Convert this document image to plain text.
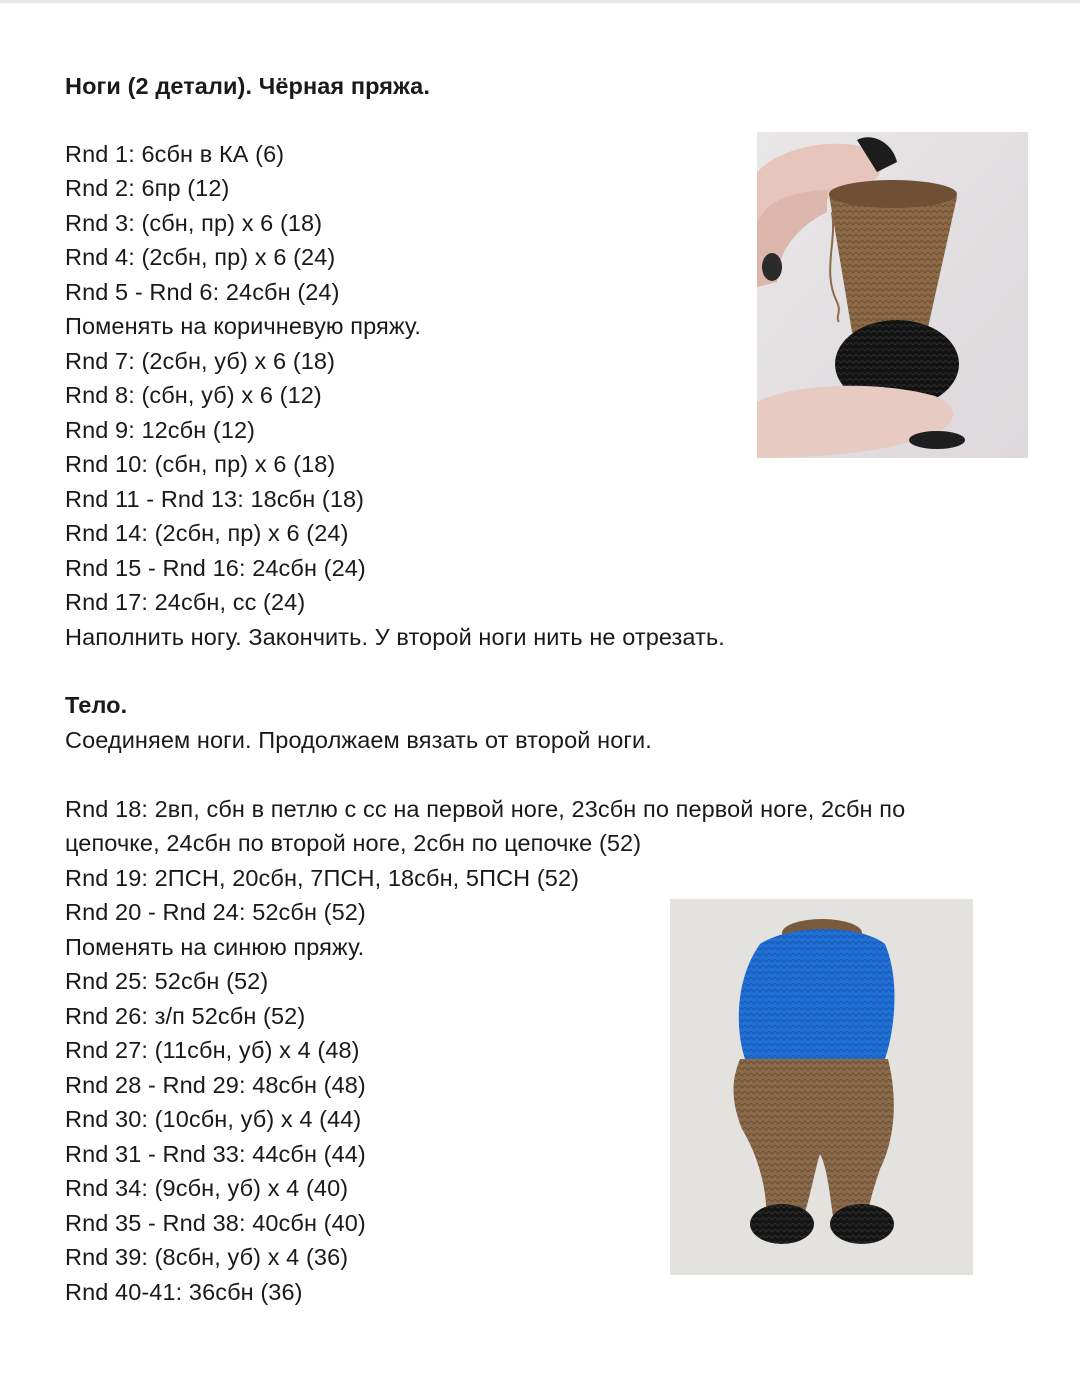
Ноги (2 детали). Чёрная пряжа.
Rnd 1: 6сбн в КА (6)
Rnd 2: 6пр (12)
Rnd 3: (сбн, пр) х 6 (18)
Rnd 4: (2сбн, пр) х 6 (24)
Rnd 5 - Rnd 6: 24сбн (24)
Поменять на коричневую пряжу.
Rnd 7: (2сбн, уб) х 6 (18)
Rnd 8: (сбн, уб) х 6 (12)
Rnd 9: 12сбн (12)
Rnd 10: (сбн, пр) х 6 (18)
Rnd 11 - Rnd 13: 18сбн (18)
Rnd 14: (2сбн, пр) х 6 (24)
Rnd 15 - Rnd 16: 24сбн (24)
Rnd 17: 24сбн, сс (24)
Наполнить ногу. Закончить. У второй ноги нить не отрезать.
Тело.
Соединяем ноги. Продолжаем вязать от второй ноги.
Rnd 18: 2вп, сбн в петлю с сс на первой ноге, 23сбн по первой ноге, 2сбн по
цепочке, 24сбн по второй ноге, 2сбн по цепочке (52)
Rnd 19: 2ПСН, 20сбн, 7ПСН, 18сбн, 5ПСН (52)
Rnd 20 - Rnd 24: 52сбн (52)
Поменять на синюю пряжу.
Rnd 25: 52сбн (52)
Rnd 26: з/п 52сбн (52)
Rnd 27: (11сбн, уб) х 4 (48)
Rnd 28 - Rnd 29: 48сбн (48)
Rnd 30: (10сбн, уб) х 4 (44)
Rnd 31 - Rnd 33: 44сбн (44)
Rnd 34: (9сбн, уб) х 4 (40)
Rnd 35 - Rnd 38: 40сбн (40)
Rnd 39: (8сбн, уб) х 4 (36)
Rnd 40-41: 36сбн (36)
